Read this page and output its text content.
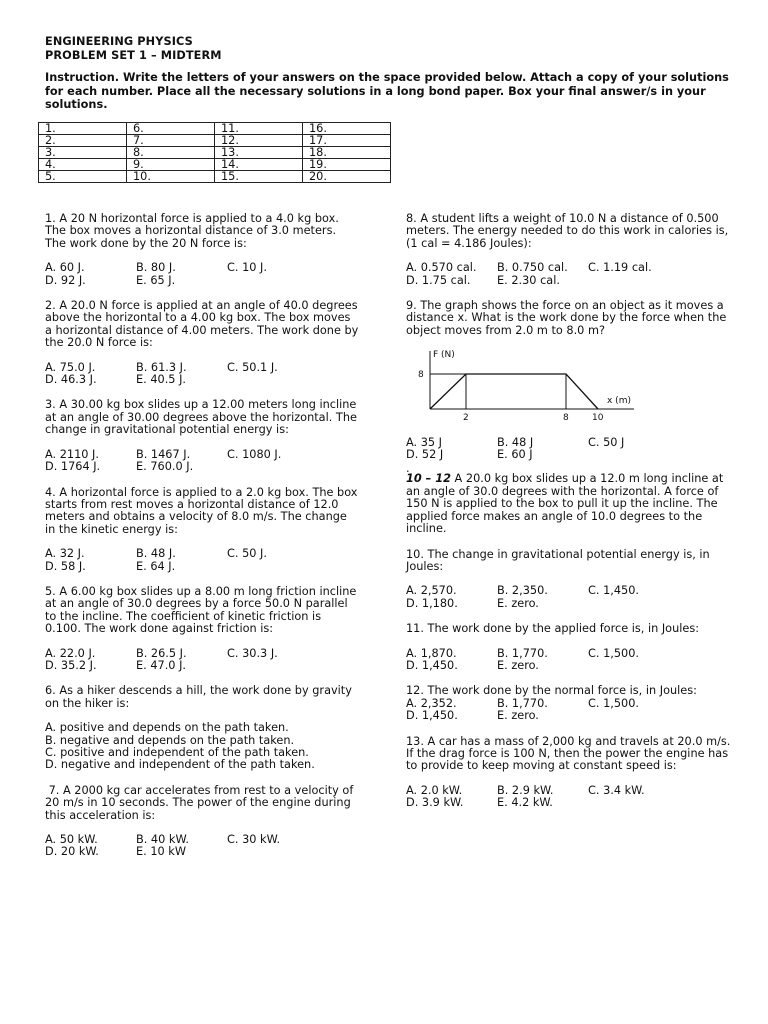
ENGINEERING PHYSICS
PROBLEM SET 1 – MIDTERM
Instruction. Write the letters of your answers on the space provided below. Attach a copy of your solutions for each number. Place all the necessary solutions in a long bond paper. Box your final answer/s in your solutions.
1.	6.	11.	16.
2.	7.	12.	17.
3.	8.	13.	18.
4.	9.	14.	19.
5.	10.	15.	20.
1. A 20 N horizontal force is applied to a 4.0 kg box. The box moves a horizontal distance of 3.0 meters. The work done by the 20 N force is:
A. 60 J.	B. 80 J.	C. 10 J.
D. 92 J.	E. 65 J.
2. A 20.0 N force is applied at an angle of 40.0 degrees above the horizontal to a 4.00 kg box. The box moves a horizontal distance of 4.00 meters. The work done by the 20.0 N force is:
A. 75.0 J.	B. 61.3 J.	C. 50.1 J.
D. 46.3 J.	E. 40.5 J.
3. A 30.00 kg box slides up a 12.00 meters long incline at an angle of 30.00 degrees above the horizontal. The change in gravitational potential energy is:
A. 2110 J.	B. 1467 J.	C. 1080 J.
D. 1764 J.	E. 760.0 J.
4. A horizontal force is applied to a 2.0 kg box. The box starts from rest moves a horizontal distance of 12.0 meters and obtains a velocity of 8.0 m/s. The change in the kinetic energy is:
A. 32 J.	B. 48 J.	C. 50 J.
D. 58 J.	E. 64 J.
5. A 6.00 kg box slides up a 8.00 m long friction incline at an angle of 30.0 degrees by a force 50.0 N parallel to the incline. The coefficient of kinetic friction is 0.100. The work done against friction is:
A. 22.0 J.	B. 26.5 J.	C. 30.3 J.
D. 35.2 J.	E. 47.0 J.
6. As a hiker descends a hill, the work done by gravity on the hiker is:
A. positive and depends on the path taken.
B. negative and depends on the path taken.
C. positive and independent of the path taken.
D. negative and independent of the path taken.
7. A 2000 kg car accelerates from rest to a velocity of 20 m/s in 10 seconds. The power of the engine during this acceleration is:
A. 50 kW.	B. 40 kW.	C. 30 kW.
D. 20 kW.	E. 10 kW
8. A student lifts a weight of 10.0 N a distance of 0.500 meters. The energy needed to do this work in calories is, (1 cal = 4.186 Joules):
A. 0.570 cal.	B. 0.750 cal.	C. 1.19 cal.
D. 1.75 cal.	E. 2.30 cal.
9. The graph shows the force on an object as it moves a distance x. What is the work done by the force when the object moves from 2.0 m to 8.0 m?
F (N)
x (m)
8
2	8	10
A. 35 J	B. 48 J	C. 50 J
D. 52 J	E. 60 J
.
10 – 12 A 20.0 kg box slides up a 12.0 m long incline at an angle of 30.0 degrees with the horizontal. A force of 150 N is applied to the box to pull it up the incline. The applied force makes an angle of 10.0 degrees to the incline.
10. The change in gravitational potential energy is, in Joules:
A. 2,570.	B. 2,350.	C. 1,450.
D. 1,180.	E. zero.
11. The work done by the applied force is, in Joules:
A. 1,870.	B. 1,770.	C. 1,500.
D. 1,450.	E. zero.
12. The work done by the normal force is, in Joules:
A. 2,352.	B. 1,770.	C. 1,500.
D. 1,450.	E. zero.
13. A car has a mass of 2,000 kg and travels at 20.0 m/s. If the drag force is 100 N, then the power the engine has to provide to keep moving at constant speed is:
A. 2.0 kW.	B. 2.9 kW.	C. 3.4 kW.
D. 3.9 kW.	E. 4.2 kW.
